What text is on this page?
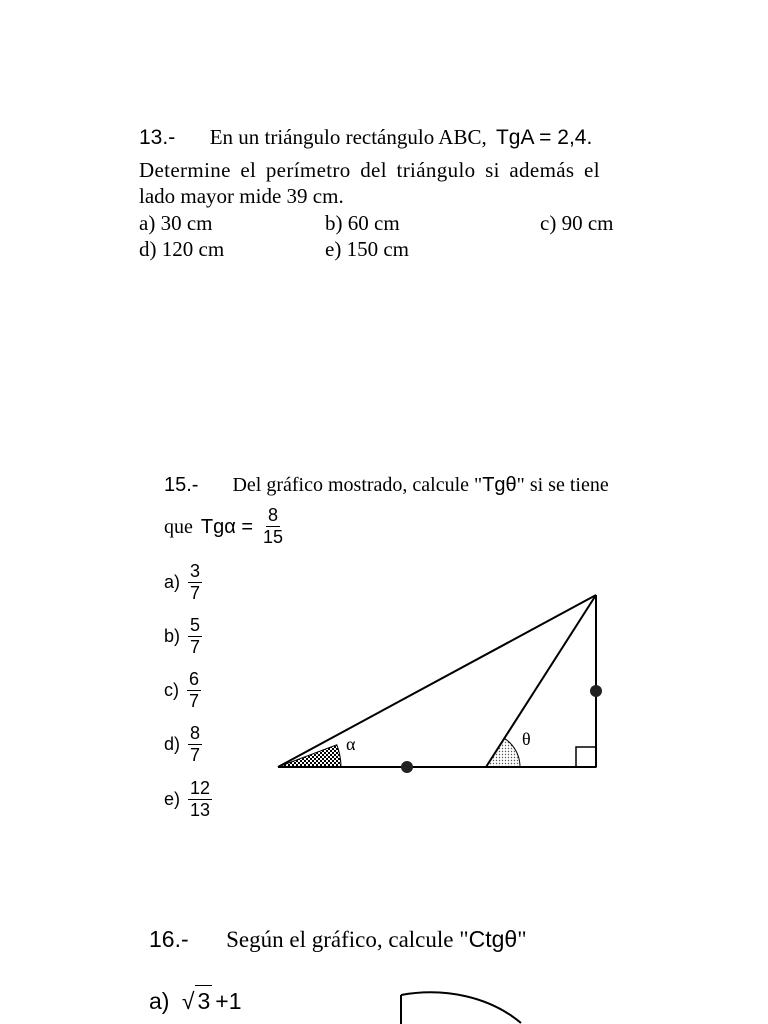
13.- En un triángulo rectángulo ABC, TgA = 2,4.
Determine el perímetro del triángulo si además el
lado mayor mide 39 cm.
a) 30 cm	b) 60 cm	c) 90 cm
d) 120 cm	e) 150 cm
15.- Del gráfico mostrado, calcule "Tgθ" si se tiene
que $Tg\alpha = \frac{8}{15}$
$a) \frac{3}{7}$
$b) \frac{5}{7}$
$c) \frac{6}{7}$
$d) \frac{8}{7}$
$e) \frac{12}{13}$
α	θ
16.- Según el gráfico, calcule "Ctgθ"
a) √ 3 +1
